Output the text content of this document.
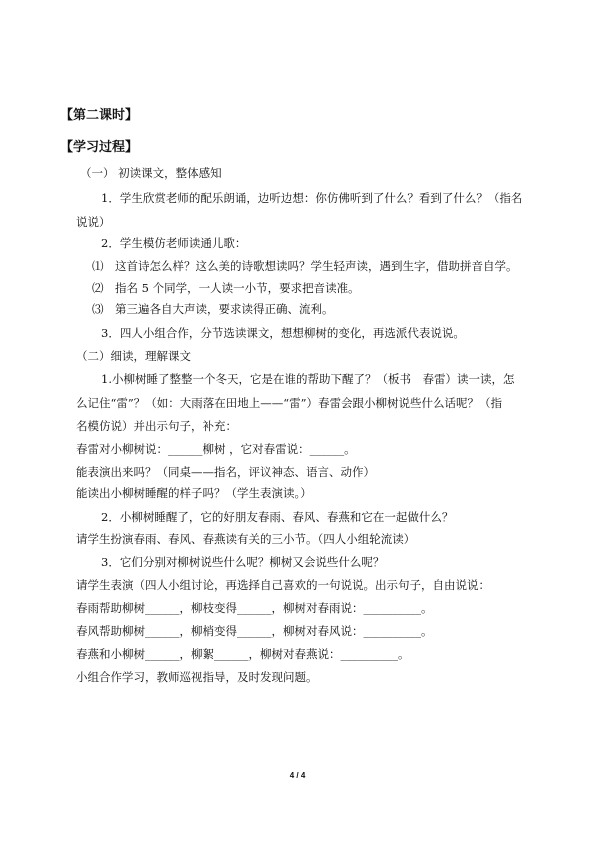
【第二课时】
【学习过程】
（一） 初读课文，整体感知
1．学生欣赏老师的配乐朗诵，边听边想：你仿佛听到了什么？看到了什么？（指名
说说）
2．学生模仿老师读通儿歌：
⑴　这首诗怎么样？这么美的诗歌想读吗？学生轻声读，遇到生字，借助拼音自学。
⑵　指名 5 个同学，一人读一小节，要求把音读准。
⑶　第三遍各自大声读，要求读得正确、流利。
3．四人小组合作，分节选读课文，想想柳树的变化，再选派代表说说。
（二）细读，理解课文
1.小柳树睡了整整一个冬天，它是在谁的帮助下醒了？（板书　春雷）读一读，怎
么记住“雷”？（如：大雨落在田地上——“雷”）春雷会跟小柳树说些什么话呢？（指
名模仿说）并出示句子，补充：
春雷对小柳树说：______柳树 ，它对春雷说：______。
能表演出来吗？（同桌——指名，评议神态、语言、动作）
能读出小柳树睡醒的样子吗？（学生表演读。）
2．小柳树睡醒了，它的好朋友春雨、春风、春燕和它在一起做什么？
请学生扮演春雨、春风、春燕读有关的三小节。（四人小组轮流读）
3．它们分别对柳树说些什么呢？柳树又会说些什么呢？
请学生表演（四人小组讨论，再选择自己喜欢的一句说说。出示句子，自由说说：
春雨帮助柳树______，柳枝变得______，柳树对春雨说：__________。
春风帮助柳树______，柳梢变得______，柳树对春风说：__________。
春燕和小柳树______，柳絮______，柳树对春燕说：__________。
小组合作学习，教师巡视指导，及时发现问题。
4 / 4
